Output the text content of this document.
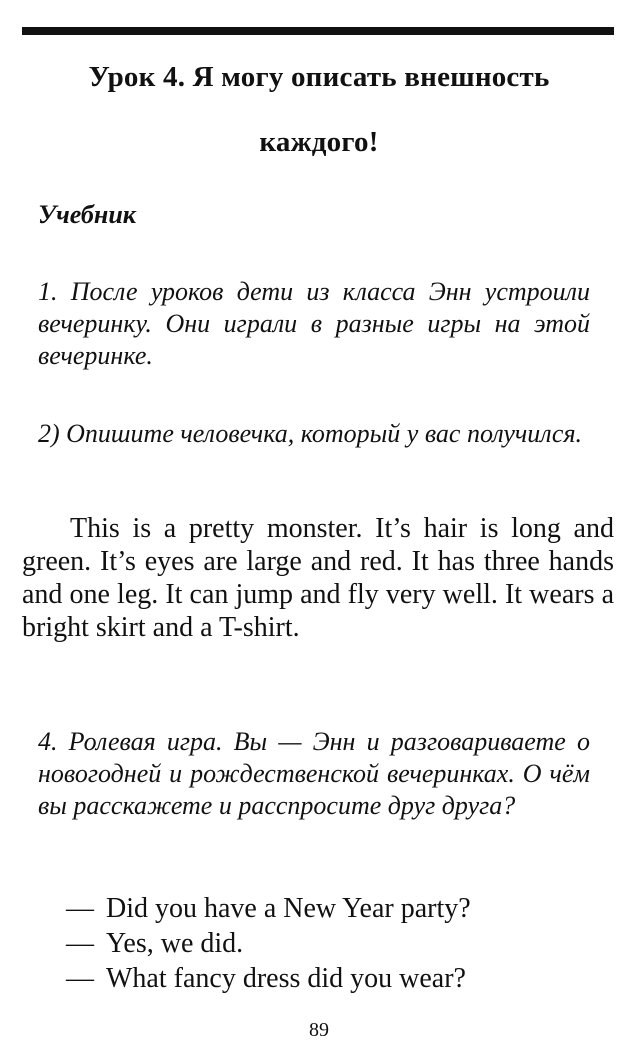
Урок 4. Я могу описать внешность
каждого!

Учебник

1. После уроков дети из класса Энн устроили вечеринку. Они играли в разные игры на этой вечеринке.

2) Опишите человечка, который у вас получился.

This is a pretty monster. It’s hair is long and green. It’s eyes are large and red. It has three hands and one leg. It can jump and fly very well. It wears a bright skirt and a T-shirt.

4. Ролевая игра. Вы — Энн и разговариваете о новогодней и рождественской вечеринках. О чём вы расскажете и расспросите друг друга?

— Did you have a New Year party?
— Yes, we did.
— What fancy dress did you wear?

89
